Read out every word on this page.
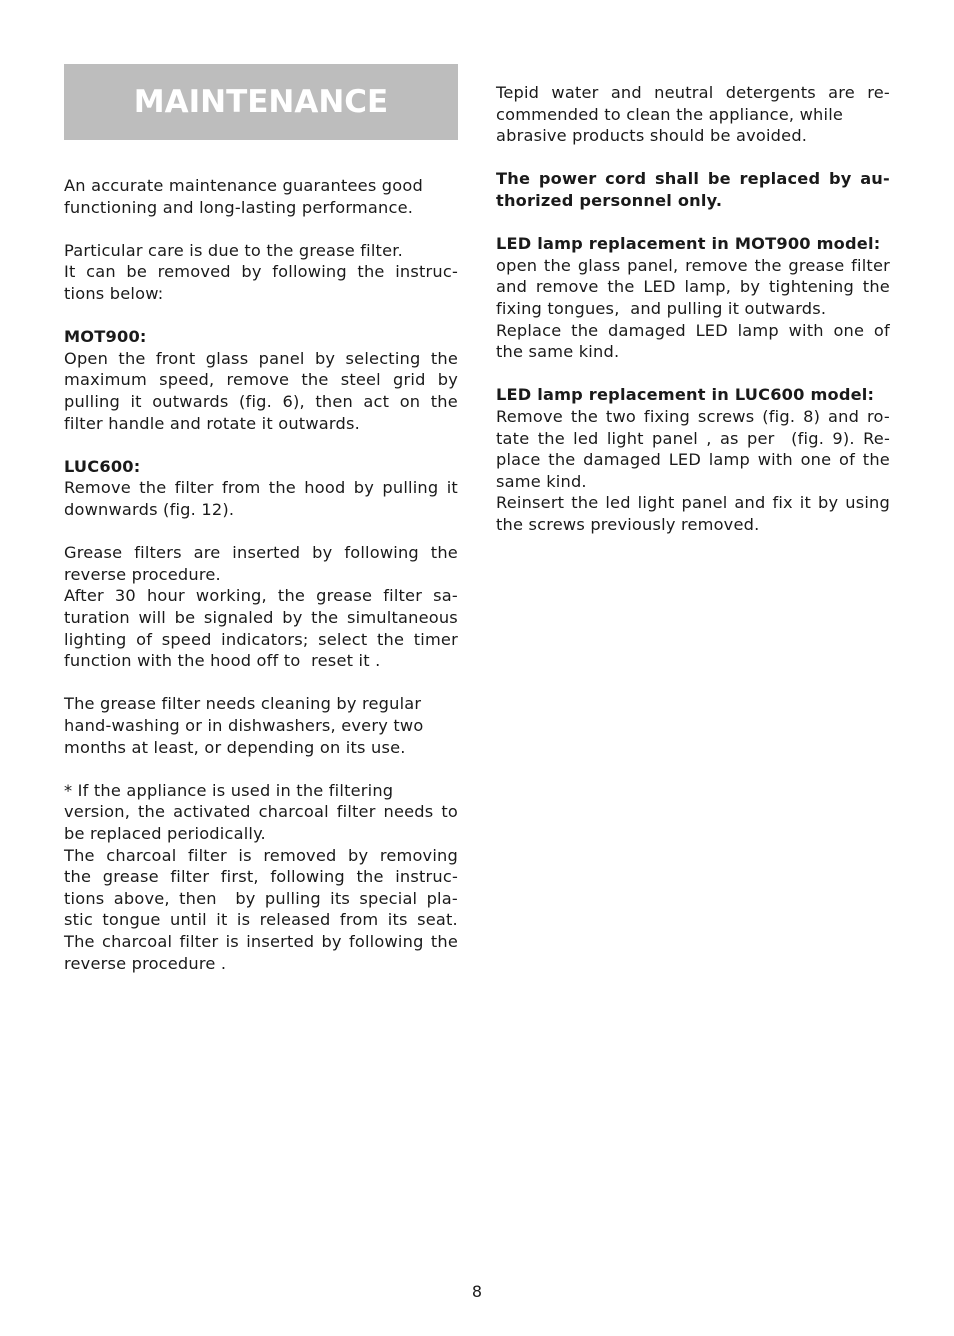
MAINTENANCE
An accurate maintenance guarantees good
functioning and long-lasting performance.
Particular care is due to the grease filter.
It can be removed by following the instruc-
tions below:
MOT900:
Open the front glass panel by selecting the
maximum speed, remove the steel grid by
pulling it outwards (fig. 6), then act on the
filter handle and rotate it outwards.
LUC600:
Remove the filter from the hood by pulling it
downwards (fig. 12).
Grease filters are inserted by following the
reverse procedure.
After 30 hour working, the grease filter sa-
turation will be signaled by the simultaneous
lighting of speed indicators; select the timer
function with the hood off to  reset it .
The grease filter needs cleaning by regular
hand-washing or in dishwashers, every two
months at least, or depending on its use.
* If the appliance is used in the filtering
version, the activated charcoal filter needs to
be replaced periodically.
The charcoal filter is removed by removing
the grease filter first, following the instruc-
tions above, then by pulling its special pla-
stic tongue until it is released from its seat.
The charcoal filter is inserted by following the
reverse procedure .
Tepid water and neutral detergents are re-
commended to clean the appliance, while
abrasive products should be avoided.
The power cord shall be replaced by au-
thorized personnel only.
LED lamp replacement in MOT900 model:
open the glass panel, remove the grease filter
and remove the LED lamp, by tightening the
fixing tongues,  and pulling it outwards.
Replace the damaged LED lamp with one of
the same kind.
LED lamp replacement in LUC600 model:
Remove the two fixing screws (fig. 8) and ro-
tate the led light panel , as per (fig. 9). Re-
place the damaged LED lamp with one of the
same kind.
Reinsert the led light panel and fix it by using
the screws previously removed.
8
